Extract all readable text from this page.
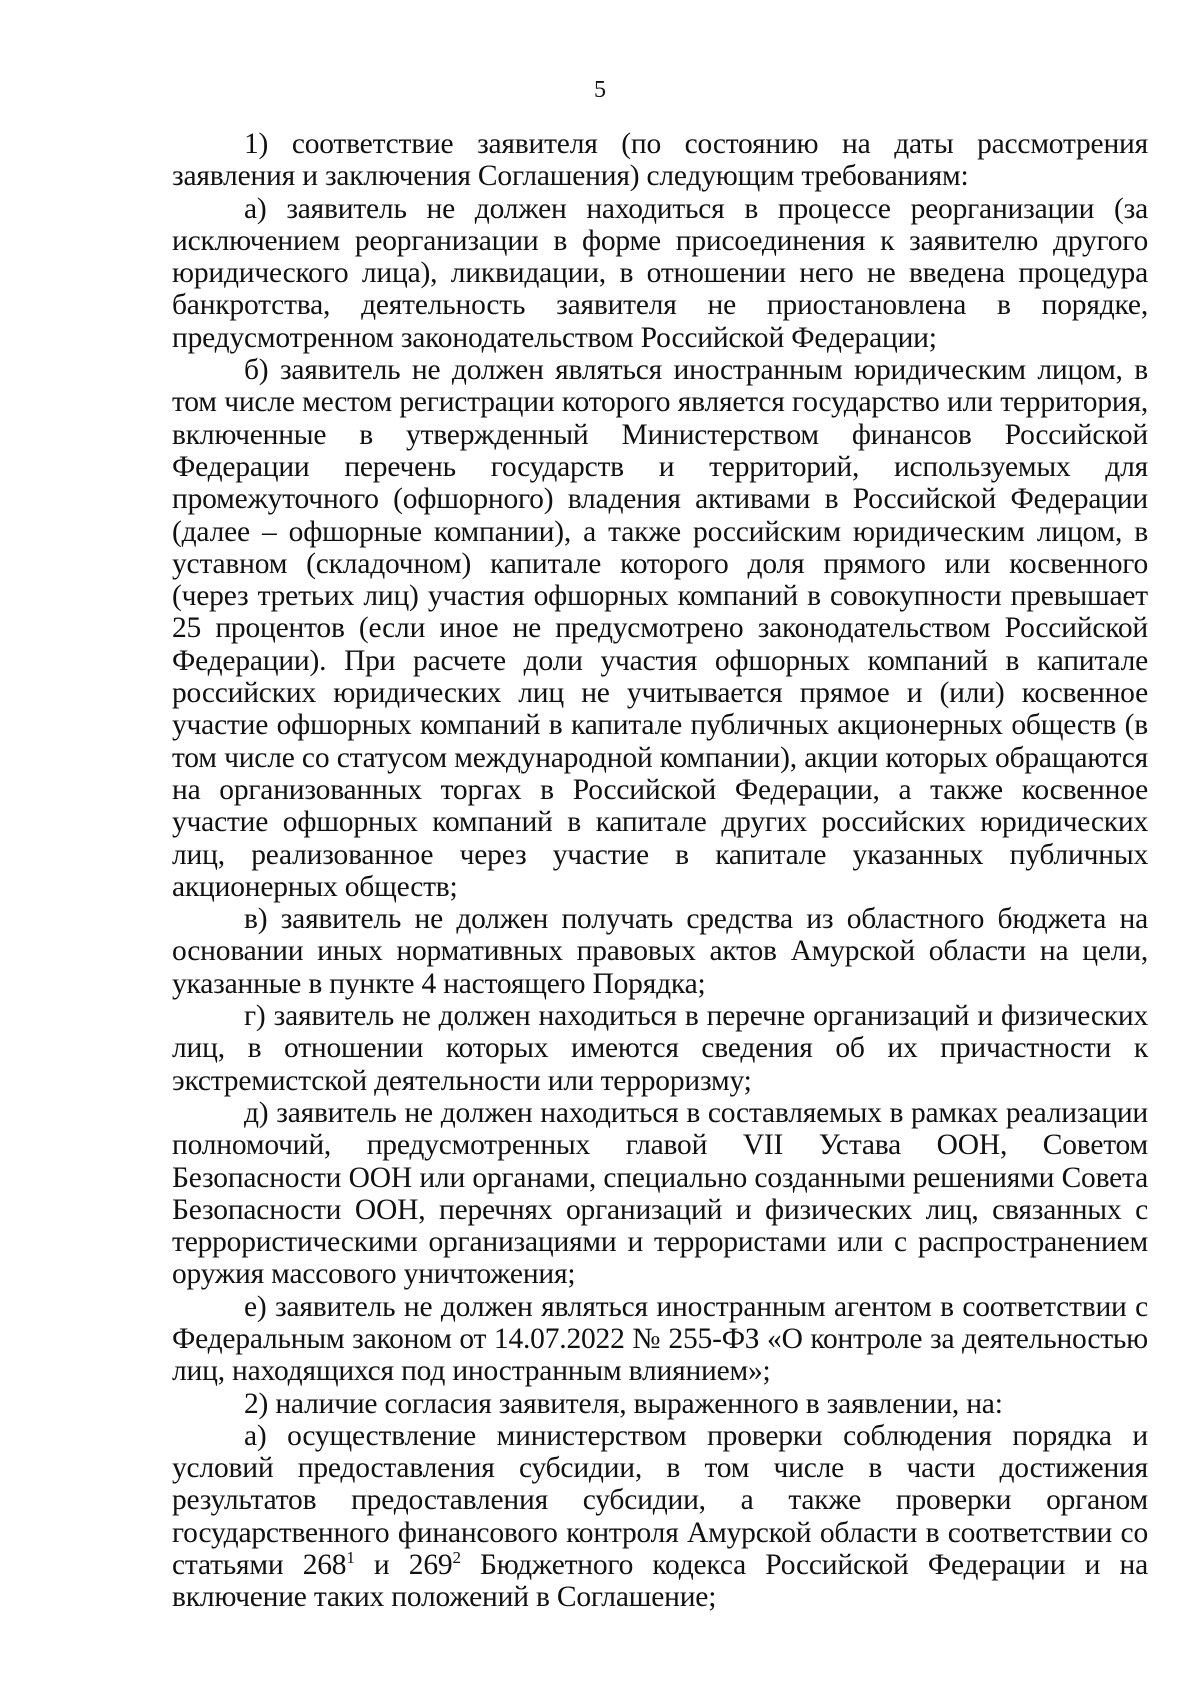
5

1) соответствие заявителя (по состоянию на даты рассмотрения заявления и заключения Соглашения) следующим требованиям:

а) заявитель не должен находиться в процессе реорганизации (за исключением реорганизации в форме присоединения к заявителю другого юридического лица), ликвидации, в отношении него не введена процедура банкротства, деятельность заявителя не приостановлена в порядке, предусмотренном законодательством Российской Федерации;

б) заявитель не должен являться иностранным юридическим лицом, в том числе местом регистрации которого является государство или территория, включенные в утвержденный Министерством финансов Российской Федерации перечень государств и территорий, используемых для промежуточного (офшорного) владения активами в Российской Федерации (далее – офшорные компании), а также российским юридическим лицом, в уставном (складочном) капитале которого доля прямого или косвенного (через третьих лиц) участия офшорных компаний в совокупности превышает 25 процентов (если иное не предусмотрено законодательством Российской Федерации). При расчете доли участия офшорных компаний в капитале российских юридических лиц не учитывается прямое и (или) косвенное участие офшорных компаний в капитале публичных акционерных обществ (в том числе со статусом международной компании), акции которых обращаются на организованных торгах в Российской Федерации, а также косвенное участие офшорных компаний в капитале других российских юридических лиц, реализованное через участие в капитале указанных публичных акционерных обществ;

в) заявитель не должен получать средства из областного бюджета на основании иных нормативных правовых актов Амурской области на цели, указанные в пункте 4 настоящего Порядка;

г) заявитель не должен находиться в перечне организаций и физических лиц, в отношении которых имеются сведения об их причастности к экстремистской деятельности или терроризму;

д) заявитель не должен находиться в составляемых в рамках реализации полномочий, предусмотренных главой VII Устава ООН, Советом Безопасности ООН или органами, специально созданными решениями Совета Безопасности ООН, перечнях организаций и физических лиц, связанных с террористическими организациями и террористами или с распространением оружия массового уничтожения;

е) заявитель не должен являться иностранным агентом в соответствии с Федеральным законом от 14.07.2022 № 255-ФЗ «О контроле за деятельностью лиц, находящихся под иностранным влиянием»;

2) наличие согласия заявителя, выраженного в заявлении, на:

а) осуществление министерством проверки соблюдения порядка и условий предоставления субсидии, в том числе в части достижения результатов предоставления субсидии, а также проверки органом государственного финансового контроля Амурской области в соответствии со статьями $268^1$ и $269^2$ Бюджетного кодекса Российской Федерации и на включение таких положений в Соглашение;
